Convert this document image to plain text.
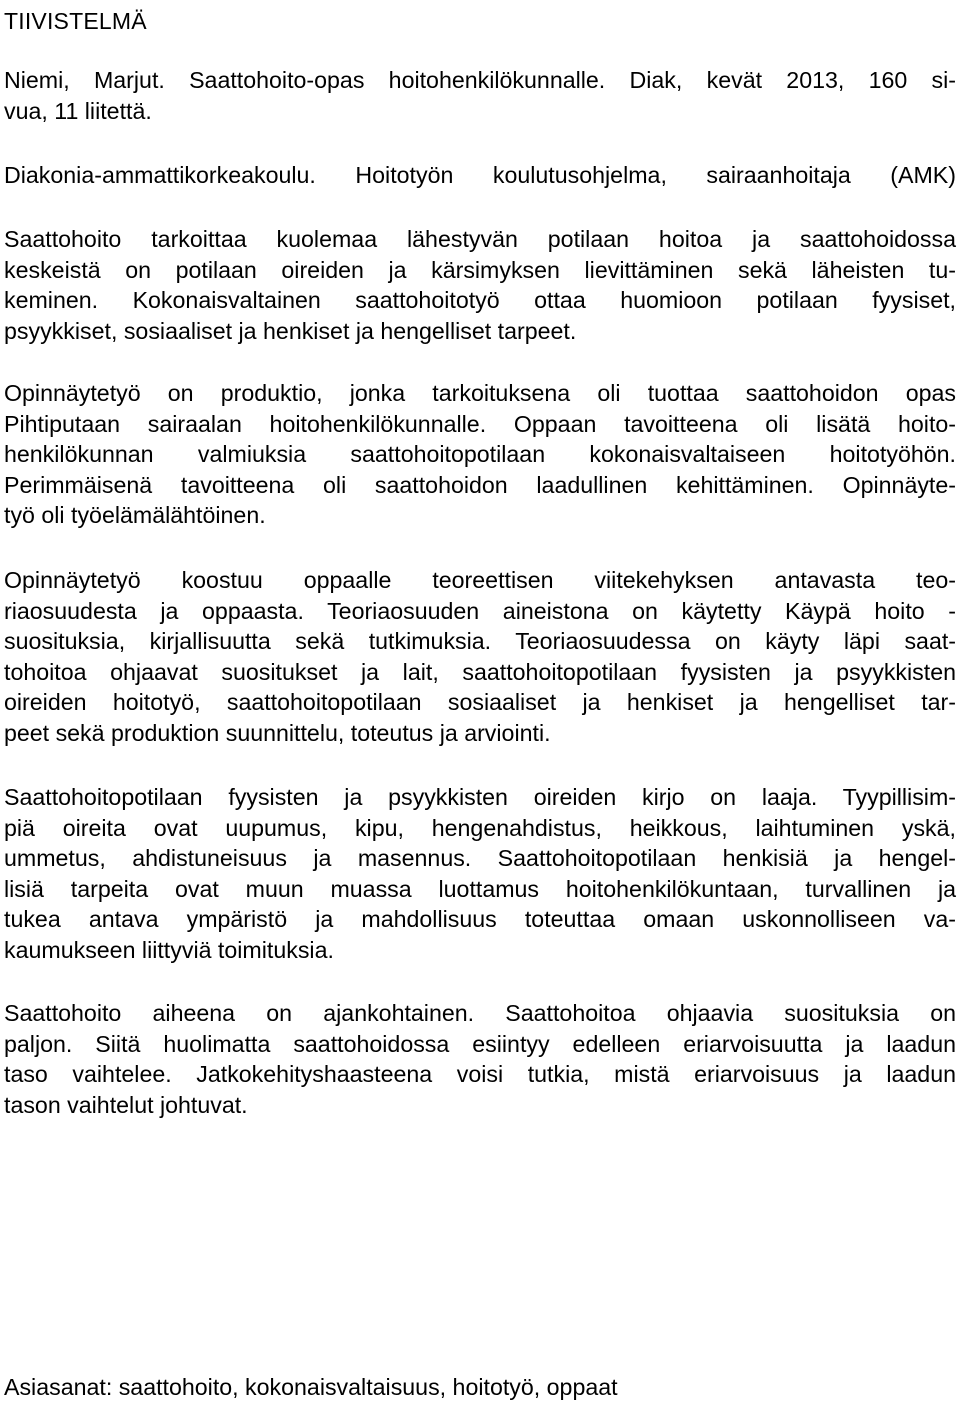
TIIVISTELMÄ

Niemi, Marjut. Saattohoito-opas hoitohenkilökunnalle. Diak, kevät 2013, 160 si-
vua, 11 liitettä.

Diakonia-ammattikorkeakoulu. Hoitotyön koulutusohjelma, sairaanhoitaja (AMK)

Saattohoito tarkoittaa kuolemaa lähestyvän potilaan hoitoa ja saattohoidossa
keskeistä on potilaan oireiden ja kärsimyksen lievittäminen sekä läheisten tu-
keminen. Kokonaisvaltainen saattohoitotyö ottaa huomioon potilaan fyysiset,
psyykkiset, sosiaaliset ja henkiset ja hengelliset tarpeet.

Opinnäytetyö on produktio, jonka tarkoituksena oli tuottaa saattohoidon opas
Pihtiputaan sairaalan hoitohenkilökunnalle. Oppaan tavoitteena oli lisätä hoito-
henkilökunnan valmiuksia saattohoitopotilaan kokonaisvaltaiseen hoitotyöhön.
Perimmäisenä tavoitteena oli saattohoidon laadullinen kehittäminen. Opinnäyte-
työ oli työelämälähtöinen.

Opinnäytetyö koostuu oppaalle teoreettisen viitekehyksen antavasta teo-
riaosuudesta ja oppaasta. Teoriaosuuden aineistona on käytetty Käypä hoito -
suosituksia, kirjallisuutta sekä tutkimuksia. Teoriaosuudessa on käyty läpi saat-
tohoitoa ohjaavat suositukset ja lait, saattohoitopotilaan fyysisten ja psyykkisten
oireiden hoitotyö, saattohoitopotilaan sosiaaliset ja henkiset ja hengelliset tar-
peet sekä produktion suunnittelu, toteutus ja arviointi.

Saattohoitopotilaan fyysisten ja psyykkisten oireiden kirjo on laaja. Tyypillisim-
piä oireita ovat uupumus, kipu, hengenahdistus, heikkous, laihtuminen yskä,
ummetus, ahdistuneisuus ja masennus. Saattohoitopotilaan henkisiä ja hengel-
lisiä tarpeita ovat muun muassa luottamus hoitohenkilökuntaan, turvallinen ja
tukea antava ympäristö ja mahdollisuus toteuttaa omaan uskonnolliseen va-
kaumukseen liittyviä toimituksia.

Saattohoito aiheena on ajankohtainen. Saattohoitoa ohjaavia suosituksia on
paljon. Siitä huolimatta saattohoidossa esiintyy edelleen eriarvoisuutta ja laadun
taso vaihtelee. Jatkokehityshaasteena voisi tutkia, mistä eriarvoisuus ja laadun
tason vaihtelut johtuvat.

Asiasanat: saattohoito, kokonaisvaltaisuus, hoitotyö, oppaat
